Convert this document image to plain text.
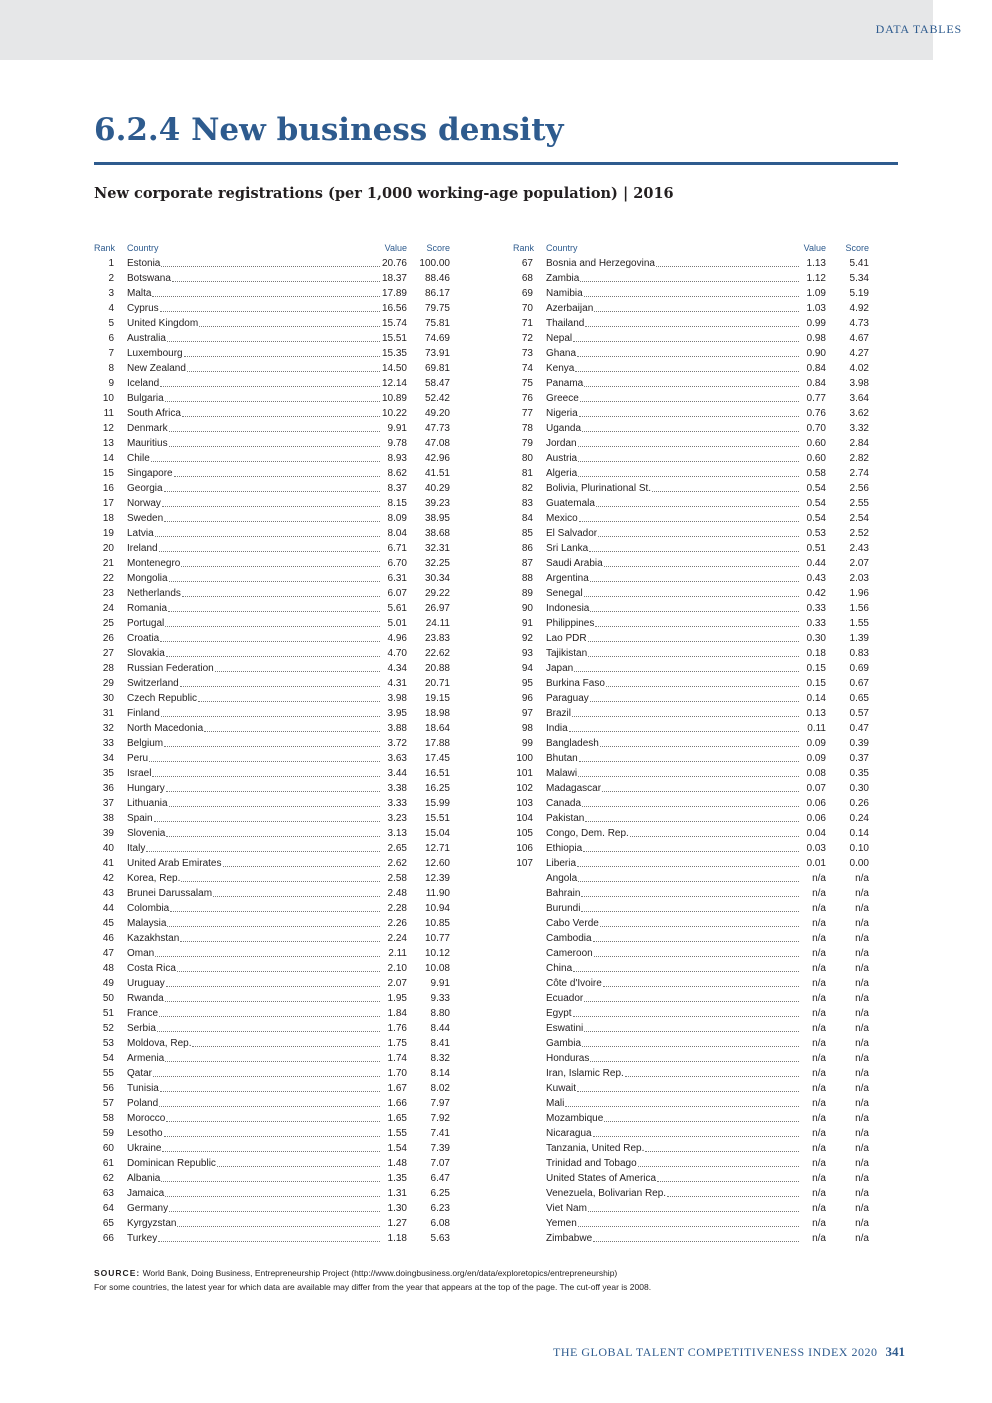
DATA TABLES
6.2.4 New business density
New corporate registrations (per 1,000 working-age population) | 2016
Rank Country	Value	Score
1 Estonia	20.76	100.00
2 Botswana	18.37	88.46
3 Malta	17.89	86.17
4 Cyprus	16.56	79.75
5 United Kingdom	15.74	75.81
6 Australia	15.51	74.69
7 Luxembourg	15.35	73.91
8 New Zealand	14.50	69.81
9 Iceland	12.14	58.47
10 Bulgaria	10.89	52.42
11 South Africa	10.22	49.20
12 Denmark	9.91	47.73
13 Mauritius	9.78	47.08
14 Chile	8.93	42.96
15 Singapore	8.62	41.51
16 Georgia	8.37	40.29
17 Norway	8.15	39.23
18 Sweden	8.09	38.95
19 Latvia	8.04	38.68
20 Ireland	6.71	32.31
21 Montenegro	6.70	32.25
22 Mongolia	6.31	30.34
23 Netherlands	6.07	29.22
24 Romania	5.61	26.97
25 Portugal	5.01	24.11
26 Croatia	4.96	23.83
27 Slovakia	4.70	22.62
28 Russian Federation	4.34	20.88
29 Switzerland	4.31	20.71
30 Czech Republic	3.98	19.15
31 Finland	3.95	18.98
32 North Macedonia	3.88	18.64
33 Belgium	3.72	17.88
34 Peru	3.63	17.45
35 Israel	3.44	16.51
36 Hungary	3.38	16.25
37 Lithuania	3.33	15.99
38 Spain	3.23	15.51
39 Slovenia	3.13	15.04
40 Italy	2.65	12.71
41 United Arab Emirates	2.62	12.60
42 Korea, Rep.	2.58	12.39
43 Brunei Darussalam	2.48	11.90
44 Colombia	2.28	10.94
45 Malaysia	2.26	10.85
46 Kazakhstan	2.24	10.77
47 Oman	2.11	10.12
48 Costa Rica	2.10	10.08
49 Uruguay	2.07	9.91
50 Rwanda	1.95	9.33
51 France	1.84	8.80
52 Serbia	1.76	8.44
53 Moldova, Rep.	1.75	8.41
54 Armenia	1.74	8.32
55 Qatar	1.70	8.14
56 Tunisia	1.67	8.02
57 Poland	1.66	7.97
58 Morocco	1.65	7.92
59 Lesotho	1.55	7.41
60 Ukraine	1.54	7.39
61 Dominican Republic	1.48	7.07
62 Albania	1.35	6.47
63 Jamaica	1.31	6.25
64 Germany	1.30	6.23
65 Kyrgyzstan	1.27	6.08
66 Turkey	1.18	5.63
Rank Country	Value	Score
67 Bosnia and Herzegovina	1.13	5.41
68 Zambia	1.12	5.34
69 Namibia	1.09	5.19
70 Azerbaijan	1.03	4.92
71 Thailand	0.99	4.73
72 Nepal	0.98	4.67
73 Ghana	0.90	4.27
74 Kenya	0.84	4.02
75 Panama	0.84	3.98
76 Greece	0.77	3.64
77 Nigeria	0.76	3.62
78 Uganda	0.70	3.32
79 Jordan	0.60	2.84
80 Austria	0.60	2.82
81 Algeria	0.58	2.74
82 Bolivia, Plurinational St.	0.54	2.56
83 Guatemala	0.54	2.55
84 Mexico	0.54	2.54
85 El Salvador	0.53	2.52
86 Sri Lanka	0.51	2.43
87 Saudi Arabia	0.44	2.07
88 Argentina	0.43	2.03
89 Senegal	0.42	1.96
90 Indonesia	0.33	1.56
91 Philippines	0.33	1.55
92 Lao PDR	0.30	1.39
93 Tajikistan	0.18	0.83
94 Japan	0.15	0.69
95 Burkina Faso	0.15	0.67
96 Paraguay	0.14	0.65
97 Brazil	0.13	0.57
98 India	0.11	0.47
99 Bangladesh	0.09	0.39
100 Bhutan	0.09	0.37
101 Malawi	0.08	0.35
102 Madagascar	0.07	0.30
103 Canada	0.06	0.26
104 Pakistan	0.06	0.24
105 Congo, Dem. Rep.	0.04	0.14
106 Ethiopia	0.03	0.10
107 Liberia	0.01	0.00
Angola	n/a	n/a
Bahrain	n/a	n/a
Burundi	n/a	n/a
Cabo Verde	n/a	n/a
Cambodia	n/a	n/a
Cameroon	n/a	n/a
China	n/a	n/a
Côte d'Ivoire	n/a	n/a
Ecuador	n/a	n/a
Egypt	n/a	n/a
Eswatini	n/a	n/a
Gambia	n/a	n/a
Honduras	n/a	n/a
Iran, Islamic Rep.	n/a	n/a
Kuwait	n/a	n/a
Mali	n/a	n/a
Mozambique	n/a	n/a
Nicaragua	n/a	n/a
Tanzania, United Rep.	n/a	n/a
Trinidad and Tobago	n/a	n/a
United States of America	n/a	n/a
Venezuela, Bolivarian Rep.	n/a	n/a
Viet Nam	n/a	n/a
Yemen	n/a	n/a
Zimbabwe	n/a	n/a

SOURCE: World Bank, Doing Business, Entrepreneurship Project (http://www.doingbusiness.org/en/data/exploretopics/entrepreneurship)
For some countries, the latest year for which data are available may differ from the year that appears at the top of the page. The cut-off year is 2008.

THE GLOBAL TALENT COMPETITIVENESS INDEX 2020 341
